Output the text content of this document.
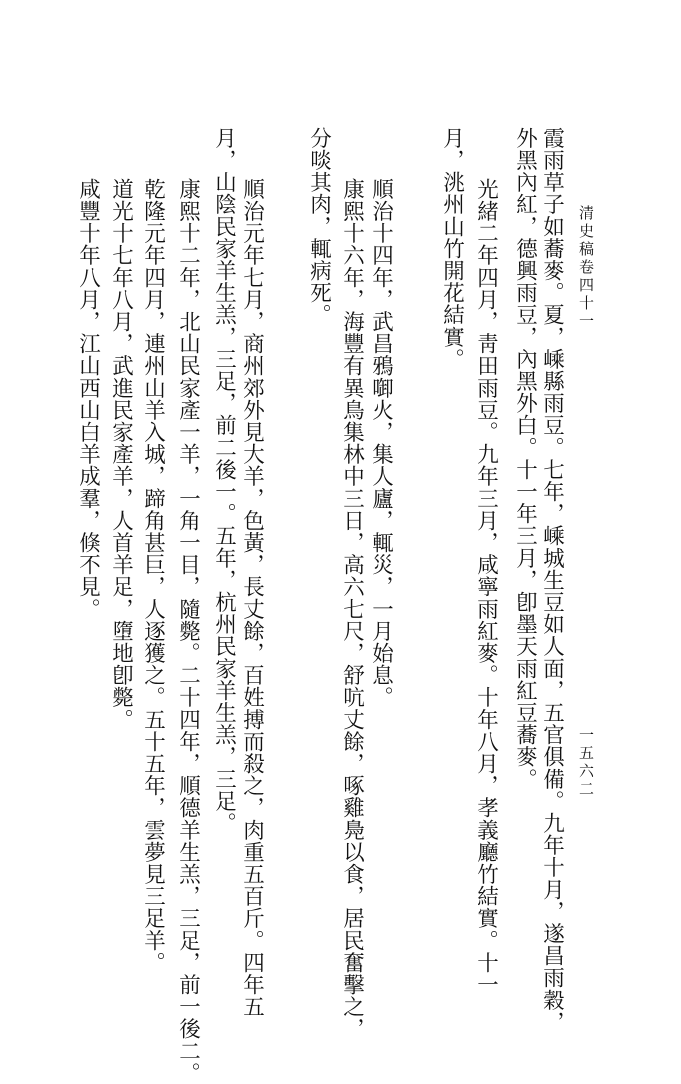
清史稿卷四十一
一五六二

霞雨草子如蕎麥。夏，嵊縣雨豆。七年，嵊城生豆如人面，五官俱備。九年十月，遂昌雨穀，

外黑內紅，德興雨豆，內黑外白。十一年三月，卽墨天雨紅豆蕎麥。

光緒二年四月，靑田雨豆。九年三月，咸寧雨紅麥。十年八月，孝義廳竹結實。十一

月，洮州山竹開花結實。

順治十四年，武昌鴉啣火，集人廬，輒災，一月始息。

康熙十六年，海豐有異鳥集林中三日，高六七尺，舒吭丈餘，啄雞鳧以食，居民奮擊之，

分啖其肉，輒病死。

順治元年七月，商州郊外見大羊，色黃，長丈餘，百姓搏而殺之，肉重五百斤。四年五

月，山陰民家羊生羔，三足，前二後一。五年，杭州民家羊生羔，三足。

康熙十二年，北山民家產一羊，一角一目，隨斃。二十四年，順德羊生羔，三足，前一後二。

乾隆元年四月，連州山羊入城，蹄角甚巨，人逐獲之。五十五年，雲夢見三足羊。

道光十七年八月，武進民家產羊，人首羊足，墮地卽斃。

咸豐十年八月，江山西山白羊成羣，倏不見。
